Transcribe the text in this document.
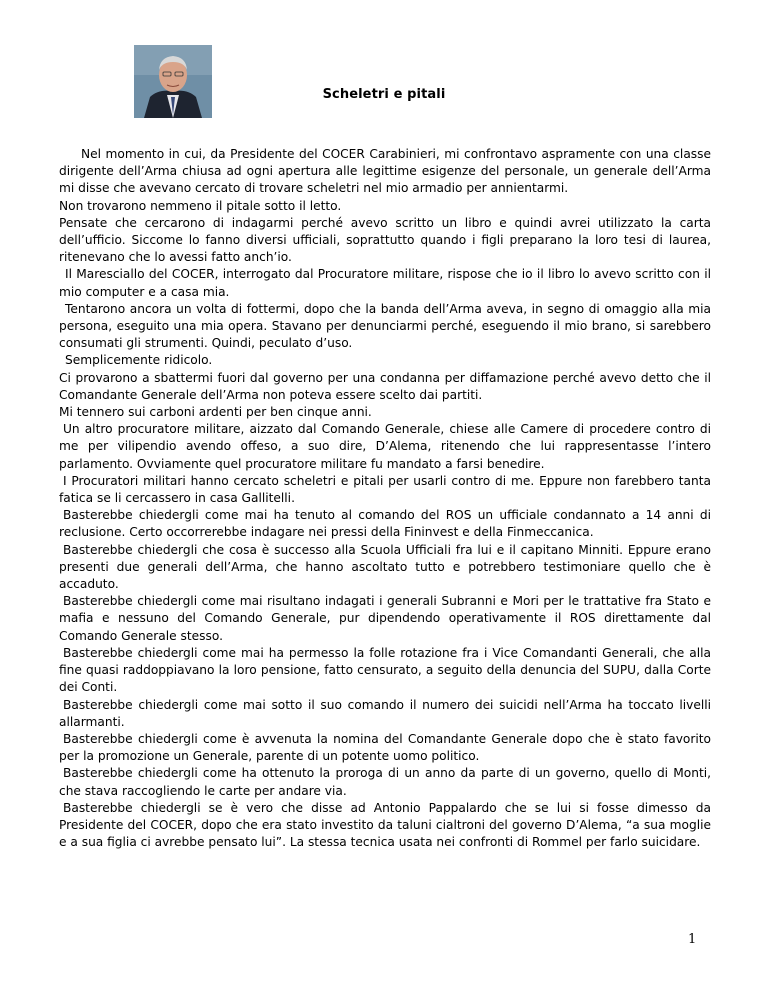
Scheletri e pitali

Nel momento in cui, da Presidente del COCER Carabinieri, mi confrontavo aspramente con una classe dirigente dell’Arma chiusa ad ogni apertura alle legittime esigenze del personale, un generale dell’Arma mi disse che avevano cercato di trovare scheletri nel mio armadio per annientarmi.

Non trovarono nemmeno il pitale sotto il letto.

Pensate che cercarono di indagarmi perché avevo scritto un libro e quindi avrei utilizzato la carta dell’ufficio. Siccome lo fanno diversi ufficiali, soprattutto quando i figli preparano la loro tesi di laurea, ritenevano che lo avessi fatto anch’io.

Il Maresciallo del COCER, interrogato dal Procuratore militare, rispose che io il libro lo avevo scritto con il mio computer e a casa mia.

Tentarono ancora un volta di fottermi, dopo che la banda dell’Arma aveva, in segno di omaggio alla mia persona, eseguito una mia opera. Stavano per denunciarmi perché, eseguendo il mio brano, si sarebbero consumati gli strumenti. Quindi, peculato d’uso.

Semplicemente ridicolo.

Ci provarono a sbattermi fuori dal governo per una condanna per diffamazione perché avevo detto che il Comandante Generale dell’Arma non poteva essere scelto dai partiti.

Mi tennero sui carboni ardenti per ben cinque anni.

Un altro procuratore militare, aizzato dal Comando Generale, chiese alle Camere di procedere contro di me per vilipendio avendo offeso, a suo dire, D’Alema, ritenendo che lui rappresentasse l’intero parlamento. Ovviamente quel procuratore militare fu mandato a farsi benedire.

I Procuratori militari hanno cercato scheletri e pitali per usarli contro di me. Eppure non farebbero tanta fatica se li cercassero in casa Gallitelli.

Basterebbe chiedergli come mai ha tenuto al comando del ROS un ufficiale condannato a 14 anni di reclusione. Certo occorrerebbe indagare nei pressi della Fininvest e della Finmeccanica.

Basterebbe chiedergli che cosa è successo alla Scuola Ufficiali fra lui e il capitano Minniti. Eppure erano presenti due generali dell’Arma, che hanno ascoltato tutto e potrebbero testimoniare quello che è accaduto.

Basterebbe chiedergli come mai risultano indagati i generali Subranni e Mori per le trattative fra Stato e mafia e nessuno del Comando Generale, pur dipendendo operativamente il ROS direttamente dal Comando Generale stesso.

Basterebbe chiedergli come mai ha permesso la folle rotazione fra i Vice Comandanti Generali, che alla fine quasi raddoppiavano la loro pensione, fatto censurato, a seguito della denuncia del SUPU, dalla Corte dei Conti.

Basterebbe chiedergli come mai sotto il suo comando il numero dei suicidi nell’Arma ha toccato livelli allarmanti.

Basterebbe chiedergli come è avvenuta la nomina del Comandante Generale dopo che è stato favorito per la promozione un Generale, parente di un potente uomo politico.

Basterebbe chiedergli come ha ottenuto la proroga di un anno da parte di un governo, quello di Monti, che stava raccogliendo le carte per andare via.

Basterebbe chiedergli se è vero che disse ad Antonio Pappalardo che se lui si fosse dimesso da Presidente del COCER, dopo che era stato investito da taluni cialtroni del governo D’Alema, “a sua moglie e a sua figlia ci avrebbe pensato lui”. La stessa tecnica usata nei confronti di Rommel per farlo suicidare.

1
